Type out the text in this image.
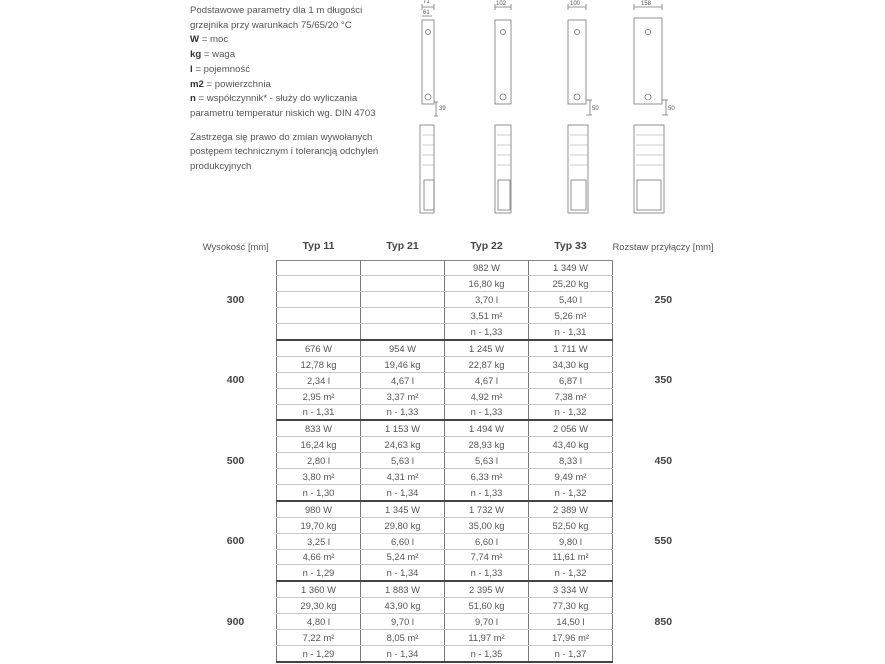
Podstawowe parametry dla 1 m długości grzejnika przy warunkach 75/65/20 °C

W = moc
kg = waga
I = pojemność
m2 = powierzchnia
n = współczynnik* - służy do wyliczania parametru temperatur niskich wg. DIN 4703

Zastrzega się prawo do zmian wywołanych postępem technicznym i tolerancją odchyleń produkcyjnych

71
61
102	100	158
39	50	50
Wysokość [mm]	Typ 11	Typ 21	Typ 22	Typ 33	Rozstaw przyłączy [mm]
300			982 W	1 349 W	250
			16,80 kg	25,20 kg	
			3,70 l	5,40 l	
			3,51 m²	5,26 m²	
			n - 1,33	n - 1,31	
400	676 W	954 W	1 245 W	1 711 W	350
	12,78 kg	19,46 kg	22,87 kg	34,30 kg	
	2,34 l	4,67 l	4,67 l	6,87 l	
	2,95 m²	3,37 m²	4,92 m²	7,38 m²	
	n - 1,31	n - 1,33	n - 1,33	n - 1,32	
500	833 W	1 153 W	1 494 W	2 056 W	450
	16,24 kg	24,63 kg	28,93 kg	43,40 kg	
	2,80 l	5,63 l	5,63 l	8,33 l	
	3,80 m²	4,31 m²	6,33 m²	9,49 m²	
	n - 1,30	n - 1,34	n - 1,33	n - 1,32	
600	980 W	1 345 W	1 732 W	2 389 W	550
	19,70 kg	29,80 kg	35,00 kg	52,50 kg	
	3,25 l	6,60 l	6,60 l	9,80 l	
	4,66 m²	5,24 m²	7,74 m²	11,61 m²	
	n - 1,29	n - 1,34	n - 1,33	n - 1,32	
900	1 360 W	1 883 W	2 395 W	3 334 W	850
	29,30 kg	43,90 kg	51,60 kg	77,30 kg	
	4,80 l	9,70 l	9,70 l	14,50 l	
	7,22 m²	8,05 m²	11,97 m²	17,96 m²	
	n - 1,29	n - 1,34	n - 1,35	n - 1,37	
